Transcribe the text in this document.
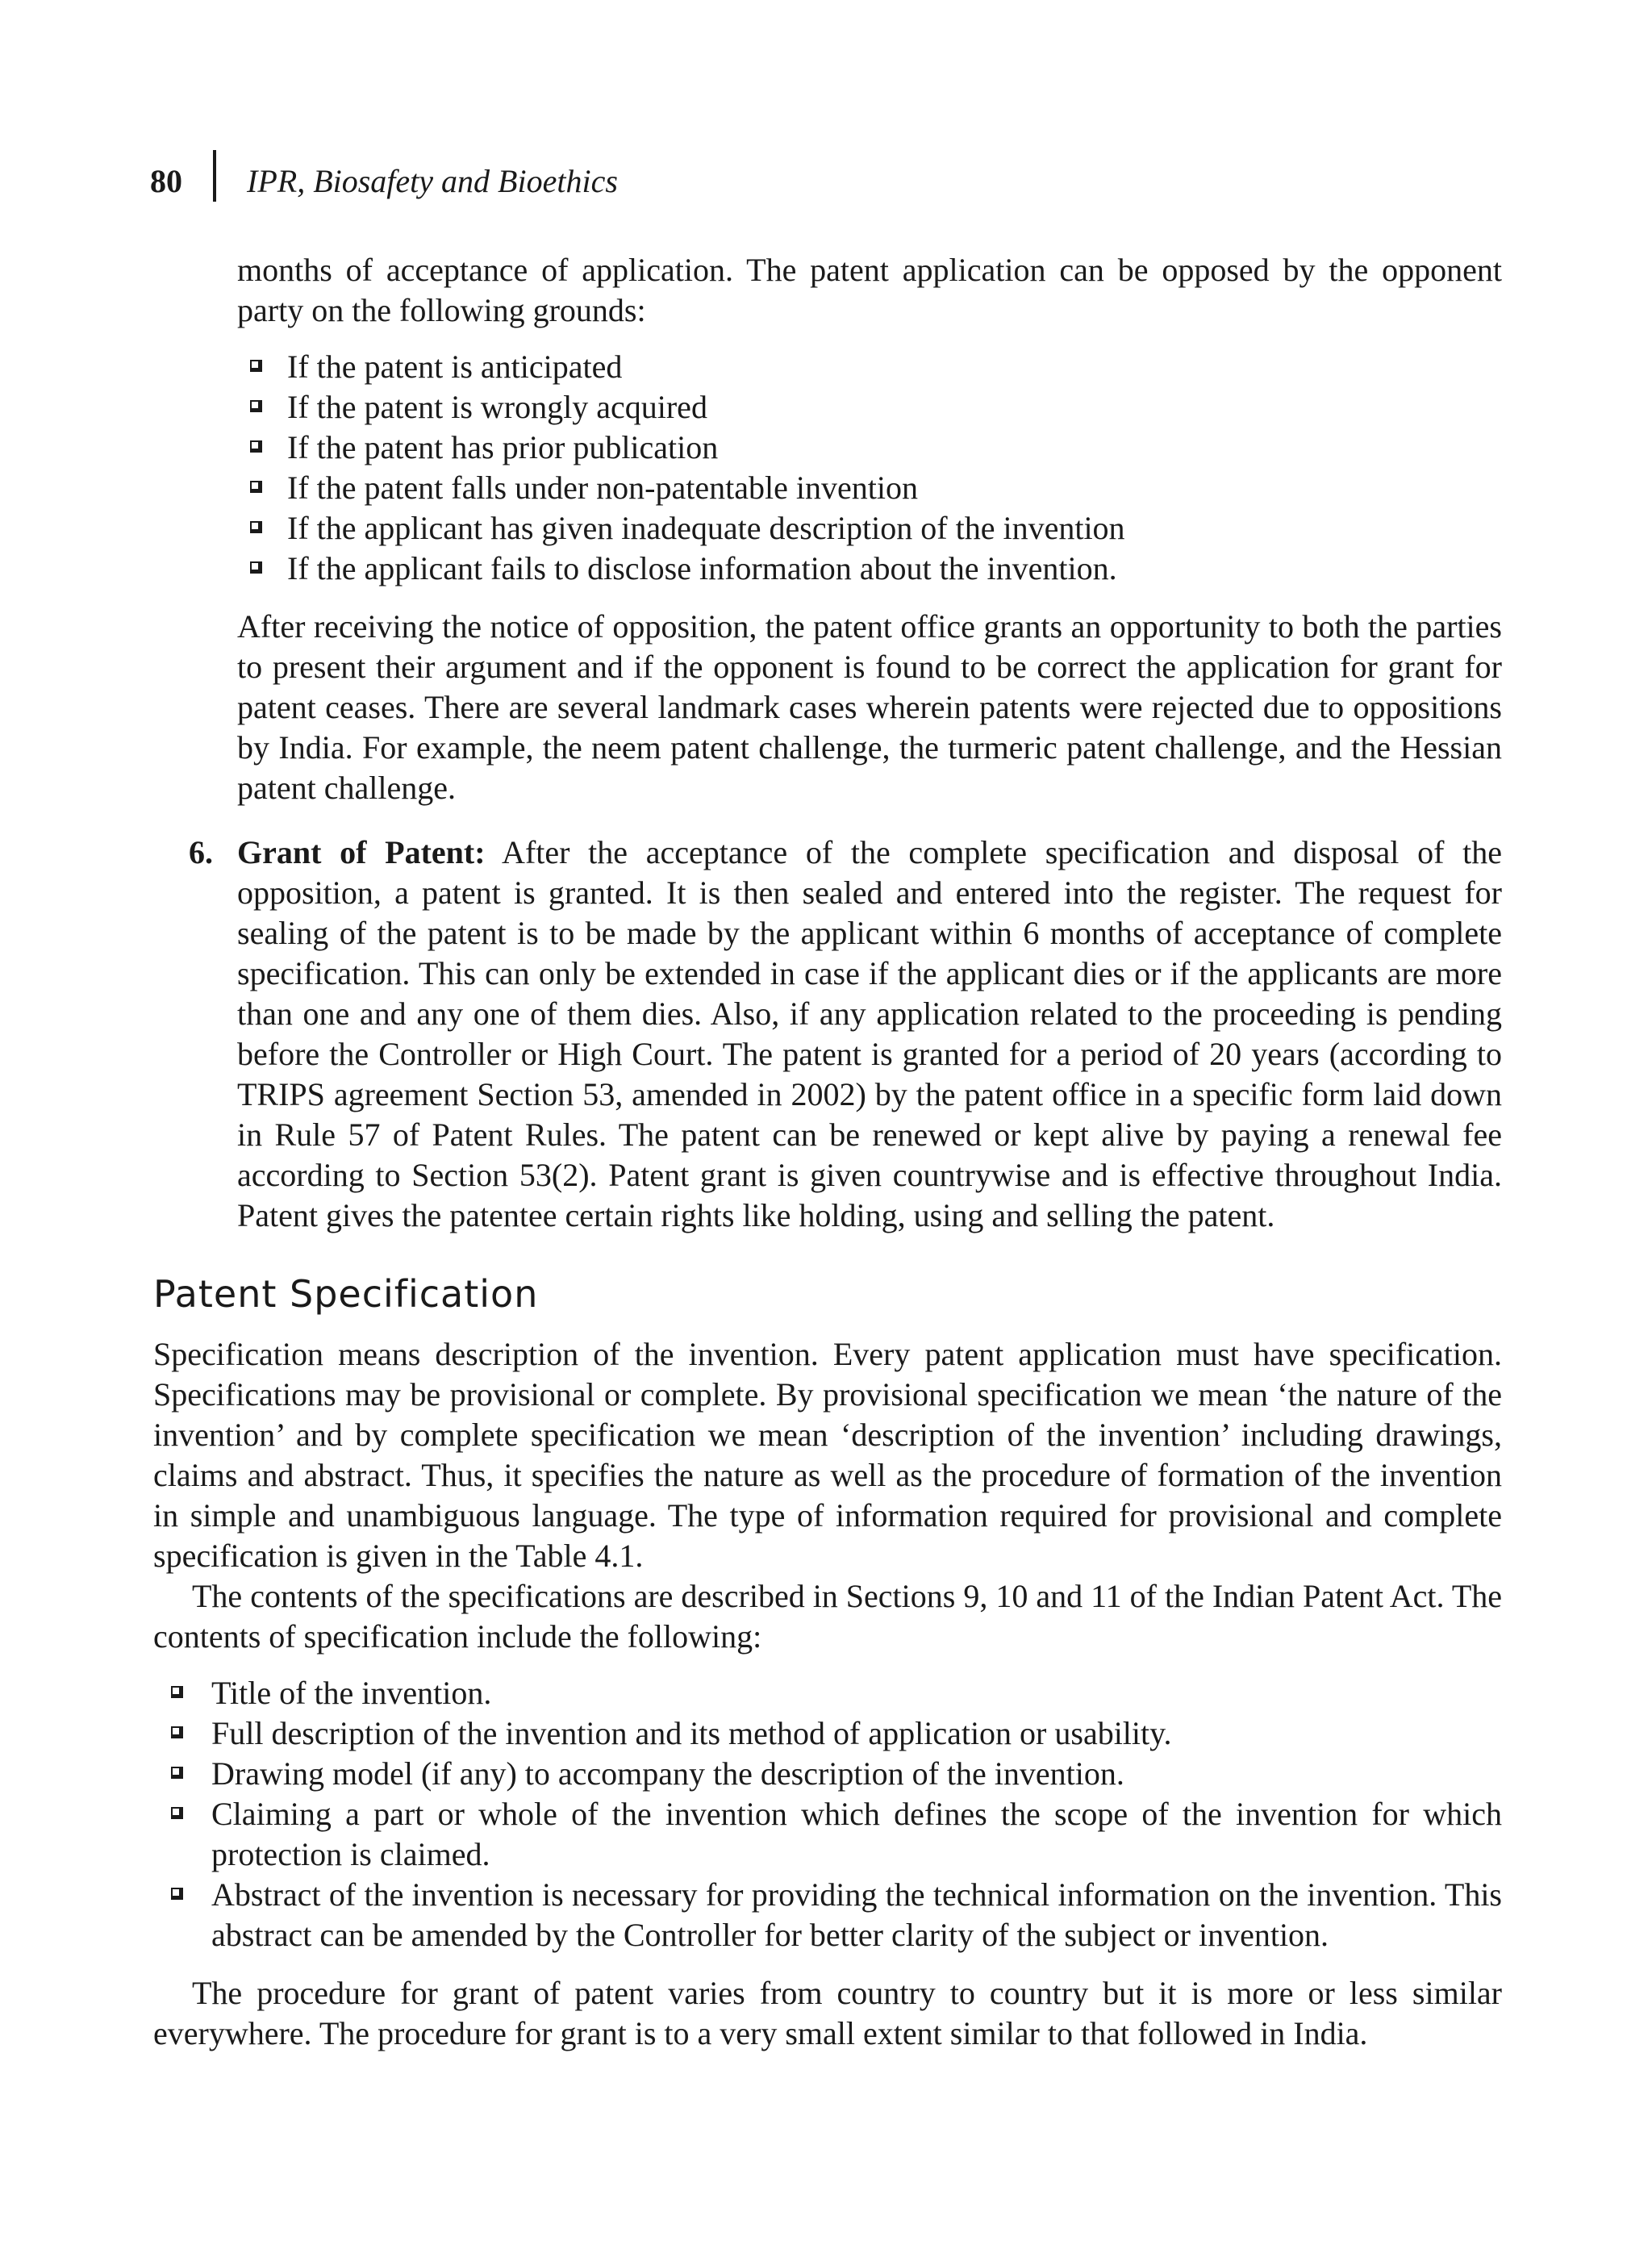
80 IPR, Biosafety and Bioethics

months of acceptance of application. The patent application can be opposed by the opponent party on the following grounds:

If the patent is anticipated
If the patent is wrongly acquired
If the patent has prior publication
If the patent falls under non-patentable invention
If the applicant has given inadequate description of the invention
If the applicant fails to disclose information about the invention.

After receiving the notice of opposition, the patent office grants an opportunity to both the parties to present their argument and if the opponent is found to be correct the application for grant for patent ceases. There are several landmark cases wherein patents were rejected due to oppositions by India. For example, the neem patent challenge, the turmeric patent challenge, and the Hessian patent challenge.

6. Grant of Patent: After the acceptance of the complete specification and disposal of the opposition, a patent is granted. It is then sealed and entered into the register. The request for sealing of the patent is to be made by the applicant within 6 months of acceptance of complete specification. This can only be extended in case if the applicant dies or if the applicants are more than one and any one of them dies. Also, if any application related to the proceeding is pending before the Controller or High Court. The patent is granted for a period of 20 years (according to TRIPS agreement Section 53, amended in 2002) by the patent office in a specific form laid down in Rule 57 of Patent Rules. The patent can be renewed or kept alive by paying a renewal fee according to Section 53(2). Patent grant is given countrywise and is effective throughout India. Patent gives the patentee certain rights like holding, using and selling the patent.
Patent Specification

Specification means description of the invention. Every patent application must have specification. Specifications may be provisional or complete. By provisional specification we mean ‘the nature of the invention’ and by complete specification we mean ‘description of the invention’ including drawings, claims and abstract. Thus, it specifies the nature as well as the procedure of formation of the invention in simple and unambiguous language. The type of information required for provisional and complete specification is given in the Table 4.1.

The contents of the specifications are described in Sections 9, 10 and 11 of the Indian Patent Act. The contents of specification include the following:

Title of the invention.
Full description of the invention and its method of application or usability.
Drawing model (if any) to accompany the description of the invention.
Claiming a part or whole of the invention which defines the scope of the invention for which protection is claimed.
Abstract of the invention is necessary for providing the technical information on the invention. This abstract can be amended by the Controller for better clarity of the subject or invention.

The procedure for grant of patent varies from country to country but it is more or less similar everywhere. The procedure for grant is to a very small extent similar to that followed in India.
